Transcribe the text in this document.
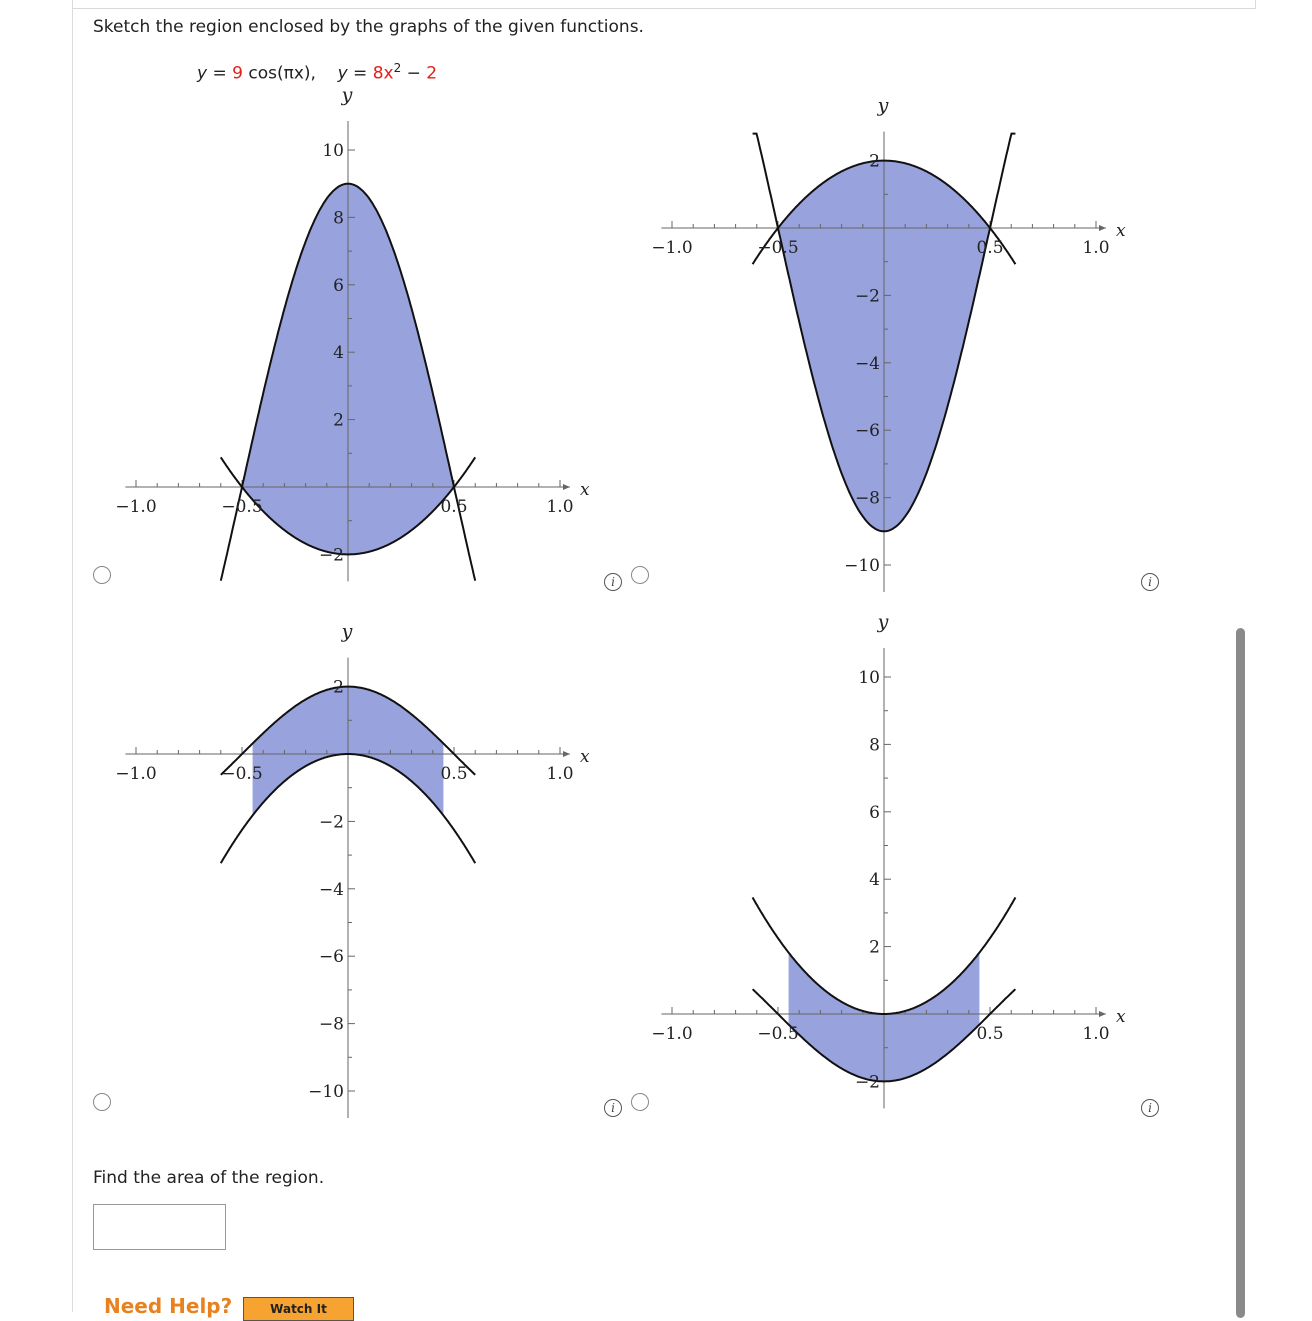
Sketch the region enclosed by the graphs of the given functions.
y = 9 cos(πx), $y = 8x^2 - 2$
−1.0	−0.5	0.5	1.0
10
8
6
4
2
−2
x
y
−1.0	−0.5	0.5	1.0
2
−2
−4
−6
−8
−10
x
y
−1.0	−0.5	0.5	1.0
2
−2
−4
−6
−8
−10
x
y
−1.0	−0.5	0.5	1.0
10
8
6
4
2
−2
x
y
i	i
i	i
Find the area of the region.
Need Help?	Watch It
